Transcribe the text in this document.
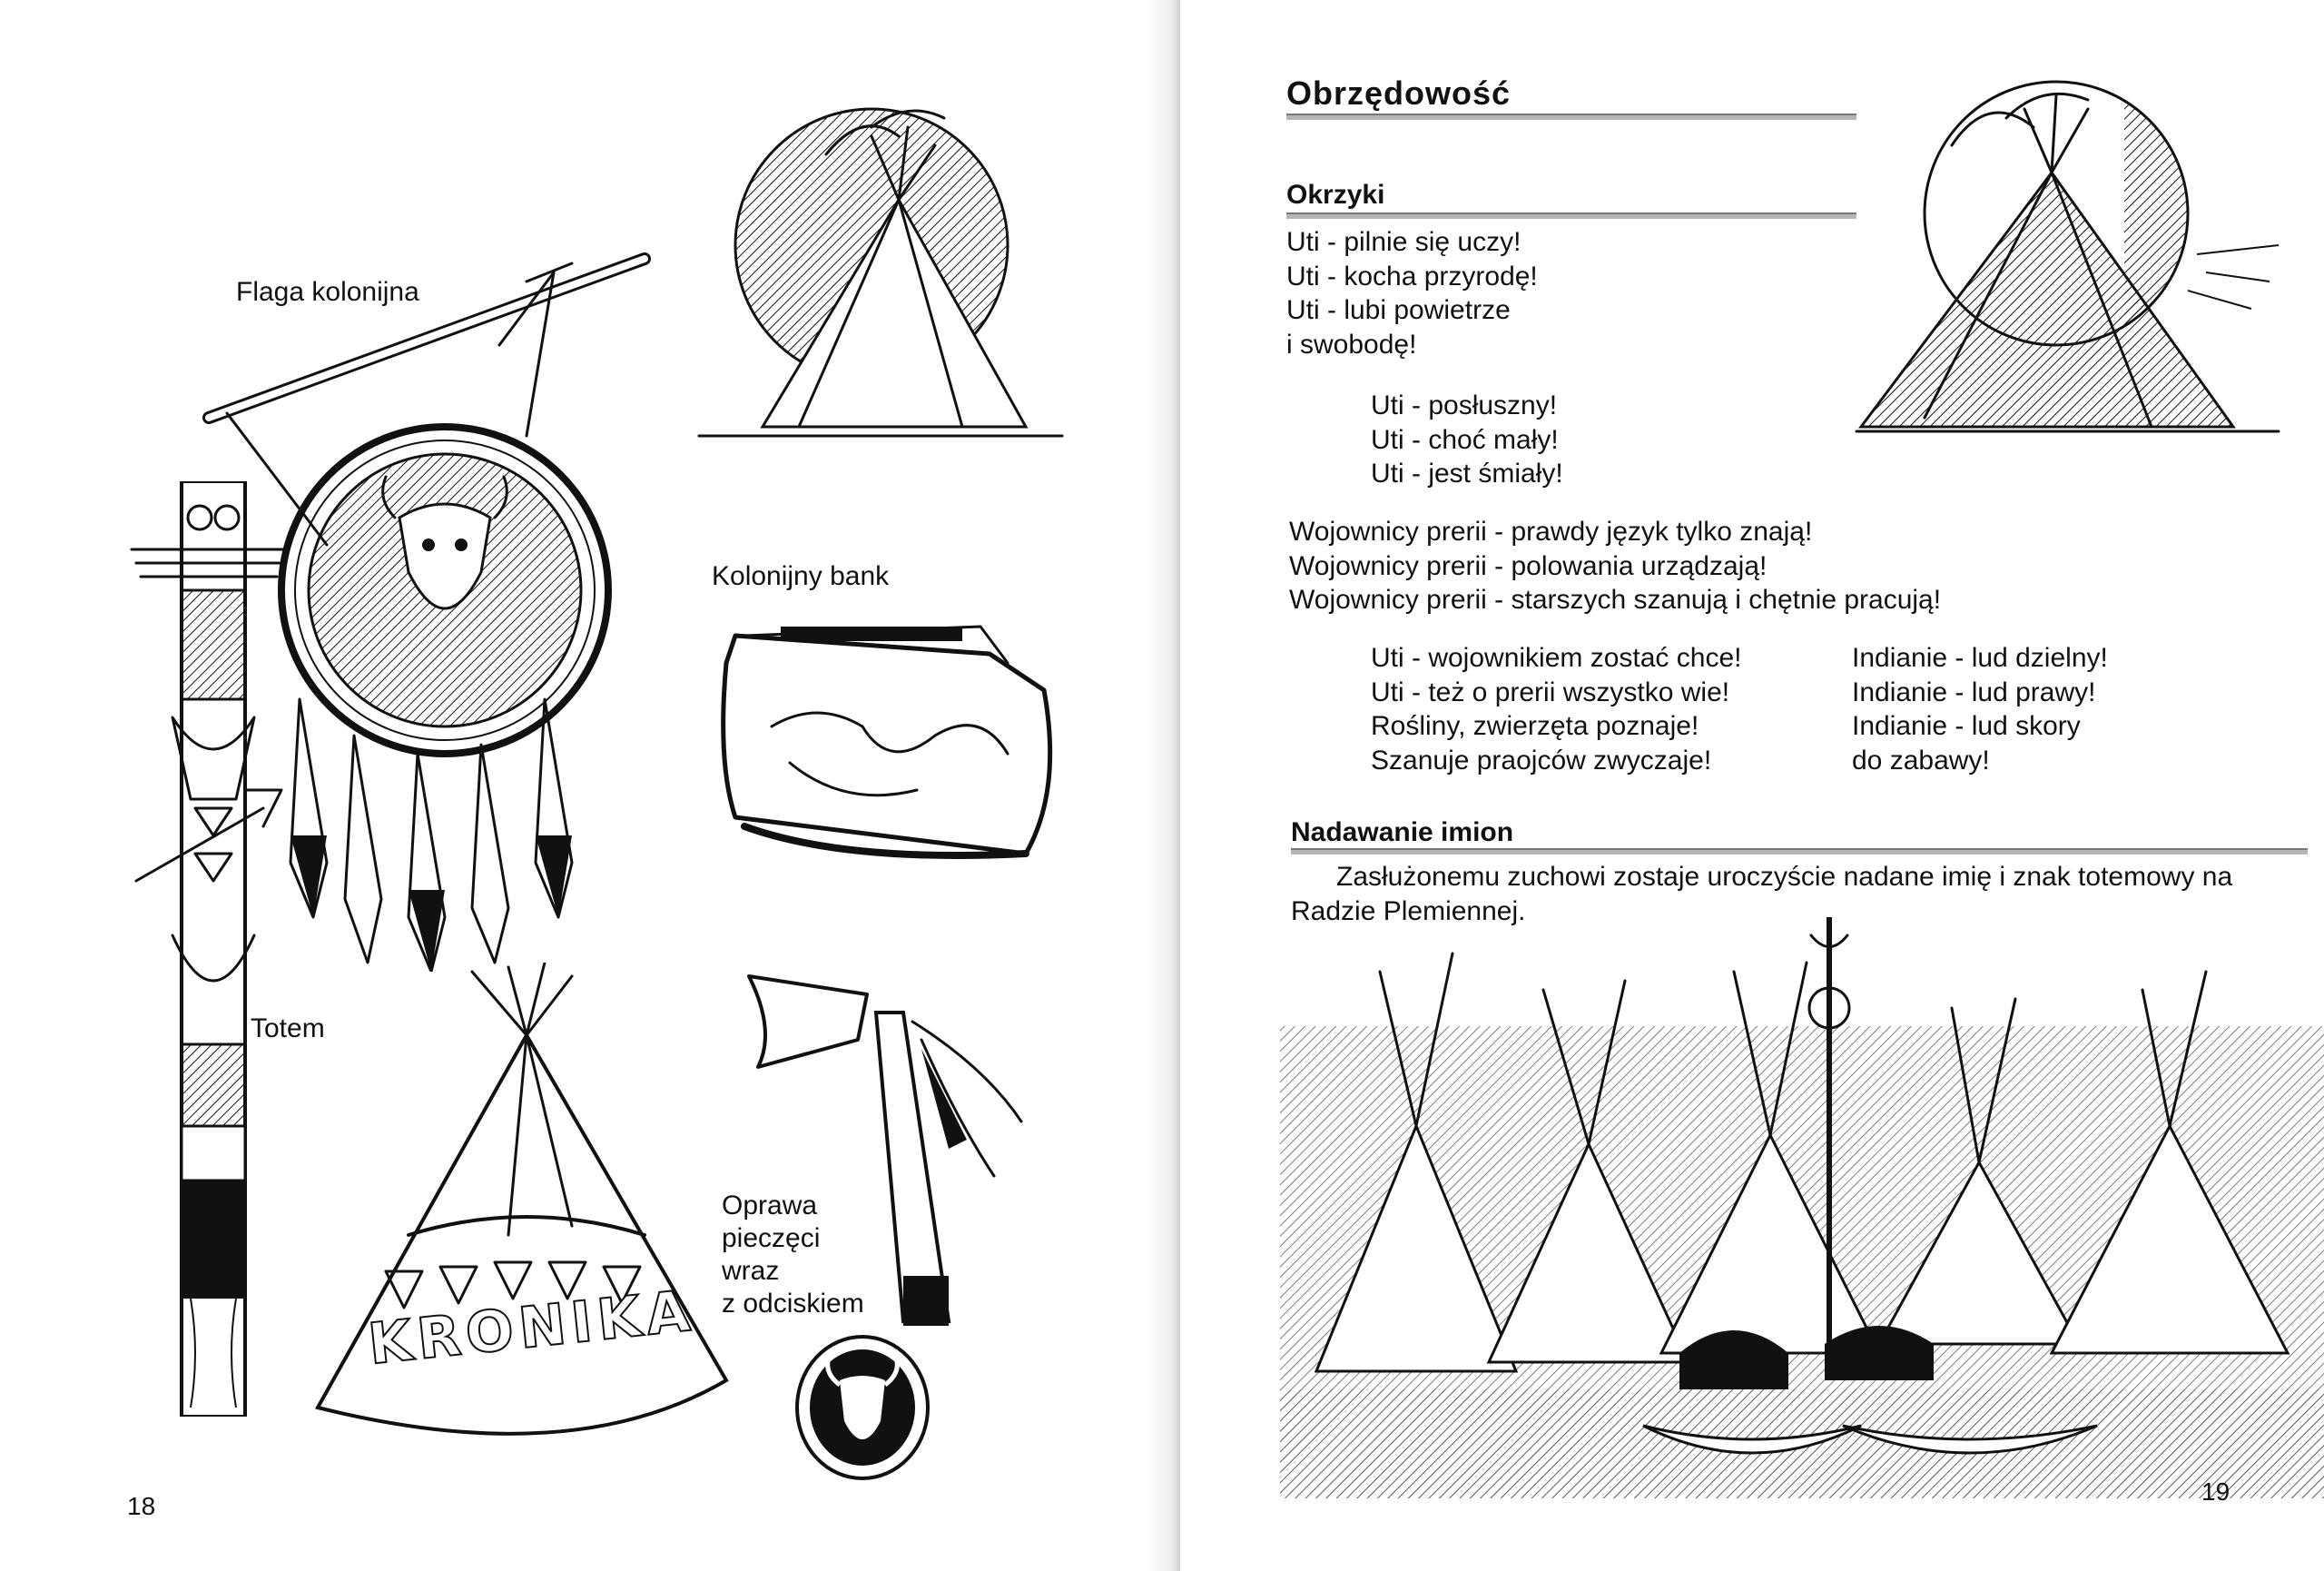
Flaga kolonijna
Kolonijny bank
Totem
KRONIKA
Oprawa
pieczęci
wraz
z odciskiem
18
Obrzędowość
Okrzyki
Uti - pilnie się uczy!
Uti - kocha przyrodę!
Uti - lubi powietrze
i swobodę!
Uti - posłuszny!
Uti - choć mały!
Uti - jest śmiały!
Wojownicy prerii - prawdy język tylko znają!
Wojownicy prerii - polowania urządzają!
Wojownicy prerii - starszych szanują i chętnie pracują!
Uti - wojownikiem zostać chce!
Uti - też o prerii wszystko wie!
Rośliny, zwierzęta poznaje!
Szanuje praojców zwyczaje!
Indianie - lud dzielny!
Indianie - lud prawy!
Indianie - lud skory
do zabawy!
Nadawanie imion
Zasłużonemu zuchowi zostaje uroczyście nadane imię i znak totemowy na Radzie Plemiennej.
19
